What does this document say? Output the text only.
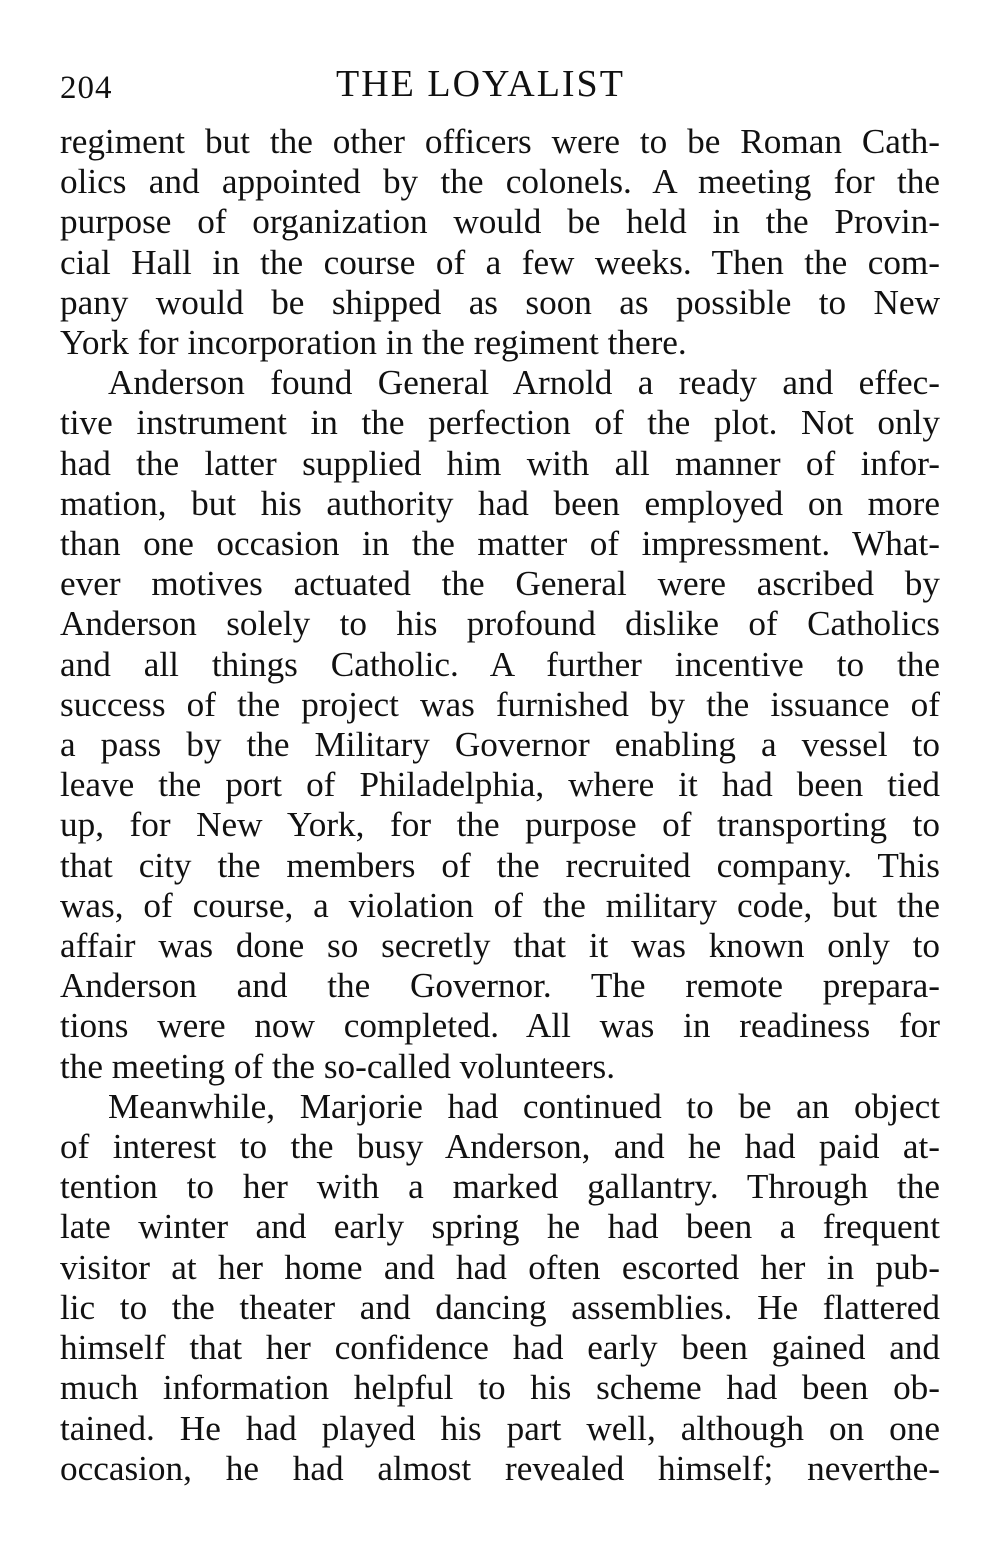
204	THE LOYALIST
regiment but the other officers were to be Roman Cath-
olics and appointed by the colonels. A meeting for the
purpose of organization would be held in the Provin-
cial Hall in the course of a few weeks. Then the com-
pany would be shipped as soon as possible to New
York for incorporation in the regiment there.
Anderson found General Arnold a ready and effec-
tive instrument in the perfection of the plot. Not only
had the latter supplied him with all manner of infor-
mation, but his authority had been employed on more
than one occasion in the matter of impressment. What-
ever motives actuated the General were ascribed by
Anderson solely to his profound dislike of Catholics
and all things Catholic. A further incentive to the
success of the project was furnished by the issuance of
a pass by the Military Governor enabling a vessel to
leave the port of Philadelphia, where it had been tied
up, for New York, for the purpose of transporting to
that city the members of the recruited company. This
was, of course, a violation of the military code, but the
affair was done so secretly that it was known only to
Anderson and the Governor. The remote prepara-
tions were now completed. All was in readiness for
the meeting of the so-called volunteers.
Meanwhile, Marjorie had continued to be an object
of interest to the busy Anderson, and he had paid at-
tention to her with a marked gallantry. Through the
late winter and early spring he had been a frequent
visitor at her home and had often escorted her in pub-
lic to the theater and dancing assemblies. He flattered
himself that her confidence had early been gained and
much information helpful to his scheme had been ob-
tained. He had played his part well, although on one
occasion, he had almost revealed himself; neverthe-
